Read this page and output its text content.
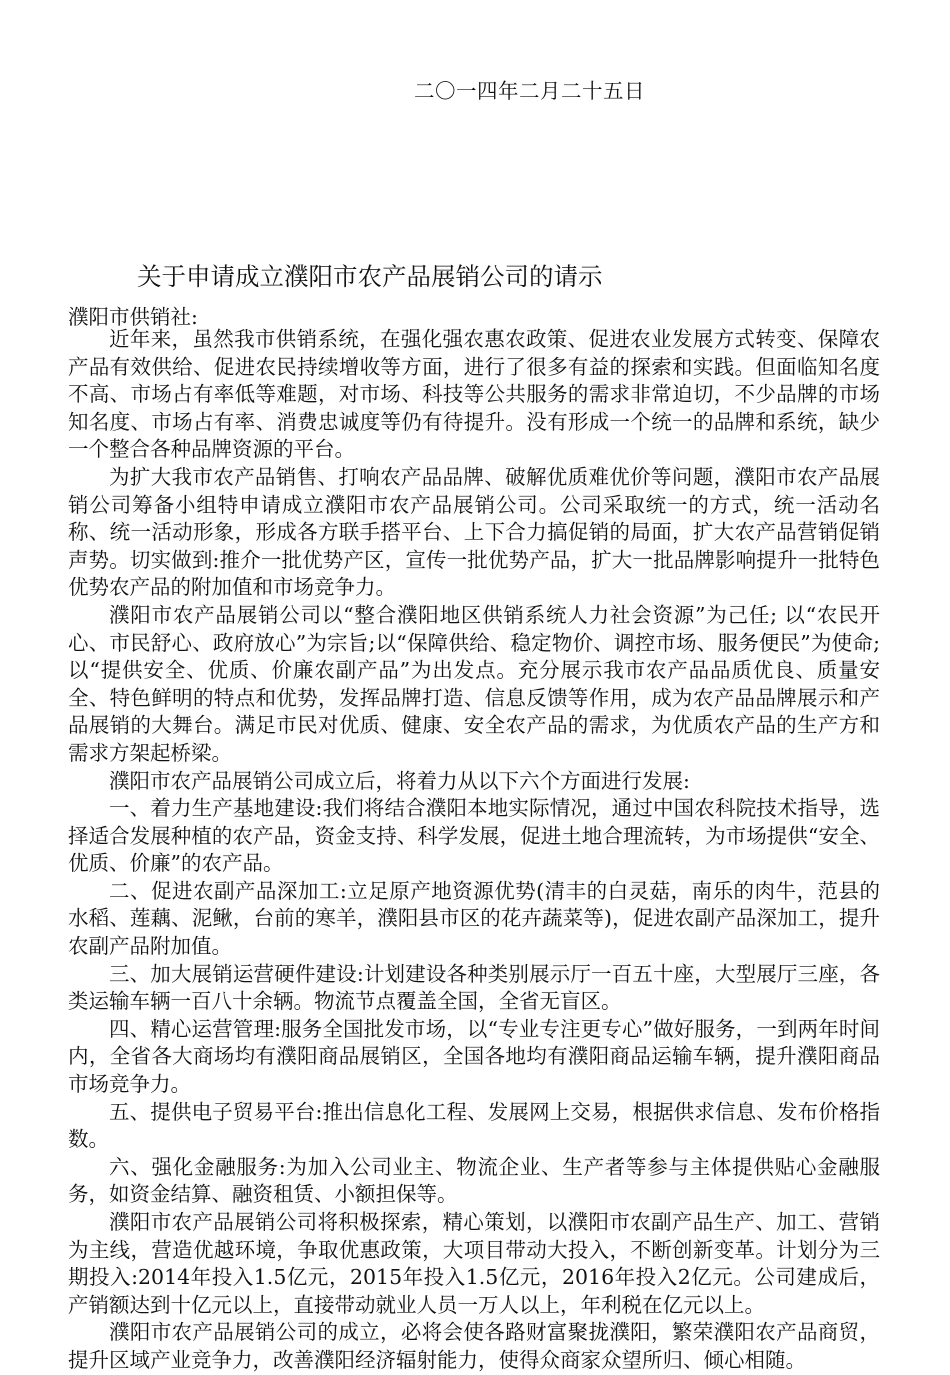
二〇一四年二月二十五日
关于申请成立濮阳市农产品展销公司的请示
濮阳市供销社:

近年来，虽然我市供销系统，在强化强农惠农政策、促进农业发展方式转变、保障农产品有效供给、促进农民持续增收等方面，进行了很多有益的探索和实践。但面临知名度不高、市场占有率低等难题，对市场、科技等公共服务的需求非常迫切，不少品牌的市场知名度、市场占有率、消费忠诚度等仍有待提升。没有形成一个统一的品牌和系统，缺少一个整合各种品牌资源的平台。

为扩大我市农产品销售、打响农产品品牌、破解优质难优价等问题，濮阳市农产品展销公司筹备小组特申请成立濮阳市农产品展销公司。公司采取统一的方式，统一活动名称、统一活动形象，形成各方联手搭平台、上下合力搞促销的局面，扩大农产品营销促销声势。切实做到:推介一批优势产区，宣传一批优势产品，扩大一批品牌影响提升一批特色优势农产品的附加值和市场竞争力。

濮阳市农产品展销公司以“整合濮阳地区供销系统人力社会资源”为己任; 以“农民开心、市民舒心、政府放心”为宗旨;以“保障供给、稳定物价、调控市场、服务便民”为使命;以“提供安全、优质、价廉农副产品”为出发点。充分展示我市农产品品质优良、质量安全、特色鲜明的特点和优势，发挥品牌打造、信息反馈等作用，成为农产品品牌展示和产品展销的大舞台。满足市民对优质、健康、安全农产品的需求，为优质农产品的生产方和需求方架起桥梁。

濮阳市农产品展销公司成立后，将着力从以下六个方面进行发展:

一、着力生产基地建设:我们将结合濮阳本地实际情况，通过中国农科院技术指导，选择适合发展种植的农产品，资金支持、科学发展，促进土地合理流转，为市场提供“安全、优质、价廉”的农产品。

二、促进农副产品深加工:立足原产地资源优势(清丰的白灵菇，南乐的肉牛，范县的水稻、莲藕、泥鳅，台前的寒羊，濮阳县市区的花卉蔬菜等)，促进农副产品深加工，提升农副产品附加值。

三、加大展销运营硬件建设:计划建设各种类别展示厅一百五十座，大型展厅三座，各类运输车辆一百八十余辆。物流节点覆盖全国，全省无盲区。

四、精心运营管理:服务全国批发市场，以“专业专注更专心”做好服务，一到两年时间内，全省各大商场均有濮阳商品展销区，全国各地均有濮阳商品运输车辆，提升濮阳商品市场竞争力。

五、提供电子贸易平台:推出信息化工程、发展网上交易，根据供求信息、发布价格指数。

六、强化金融服务:为加入公司业主、物流企业、生产者等参与主体提供贴心金融服务，如资金结算、融资租赁、小额担保等。

濮阳市农产品展销公司将积极探索，精心策划，以濮阳市农副产品生产、加工、营销为主线，营造优越环境，争取优惠政策，大项目带动大投入，不断创新变革。计划分为三期投入:2014年投入1.5亿元，2015年投入1.5亿元，2016年投入2亿元。公司建成后，产销额达到十亿元以上，直接带动就业人员一万人以上，年利税在亿元以上。

濮阳市农产品展销公司的成立，必将会使各路财富聚拢濮阳，繁荣濮阳农产品商贸，提升区域产业竞争力，改善濮阳经济辐射能力，使得众商家众望所归、倾心相随。
